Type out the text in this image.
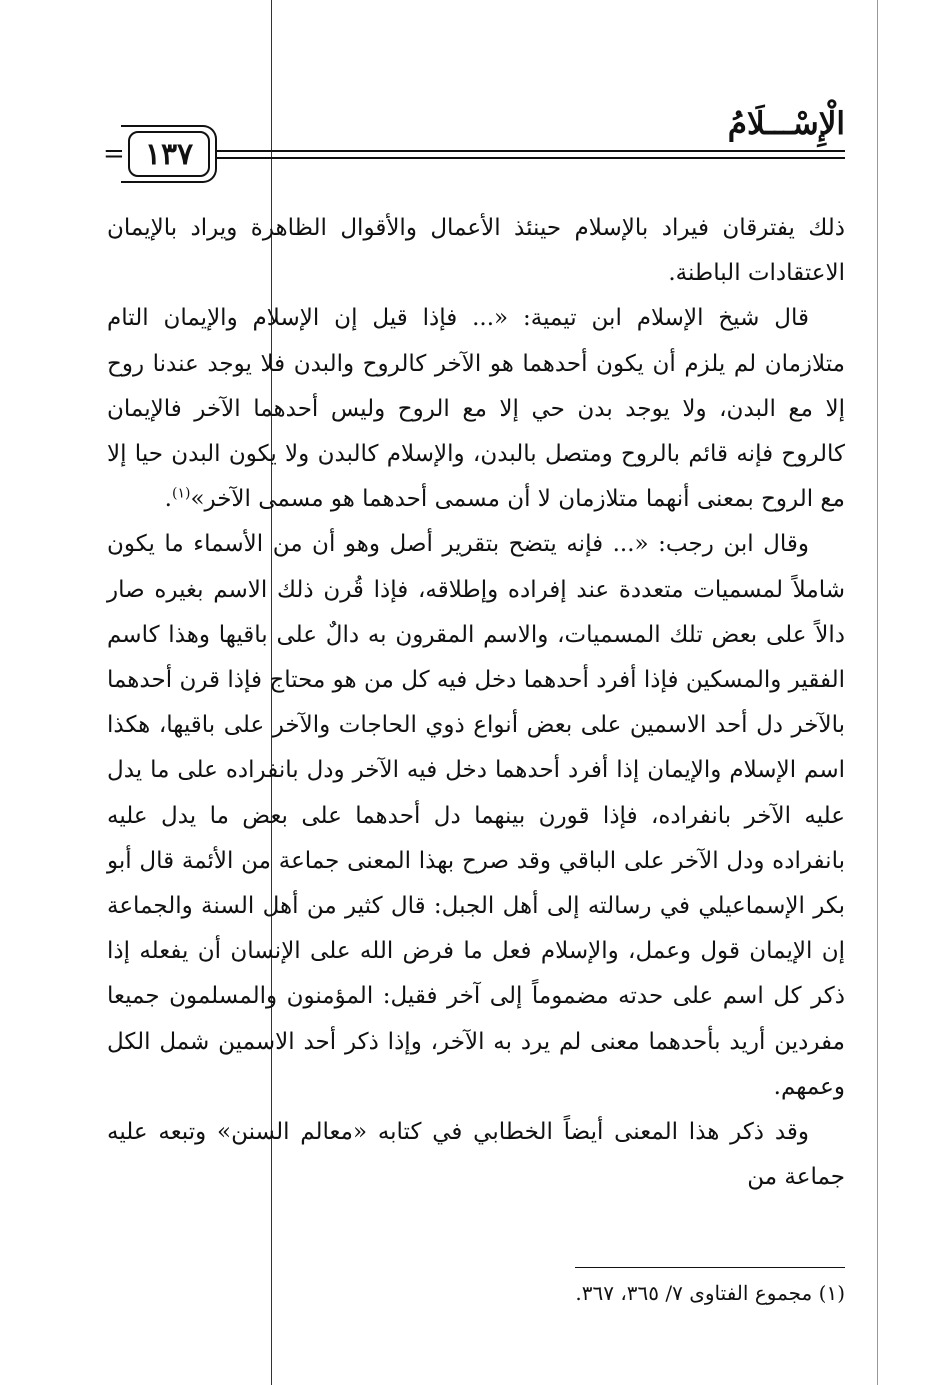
الْإِسْـــلَامُ
١٣٧
=

ذلك يفترقان فيراد بالإسلام حينئذ الأعمال والأقوال الظاهرة ويراد بالإيمان الاعتقادات الباطنة.

قال شيخ الإسلام ابن تيمية: «... فإذا قيل إن الإسلام والإيمان التام متلازمان لم يلزم أن يكون أحدهما هو الآخر كالروح والبدن فلا يوجد عندنا روح إلا مع البدن، ولا يوجد بدن حي إلا مع الروح وليس أحدهما الآخر فالإيمان كالروح فإنه قائم بالروح ومتصل بالبدن، والإسلام كالبدن ولا يكون البدن حيا إلا مع الروح بمعنى أنهما متلازمان لا أن مسمى أحدهما هو مسمى الآخر»$^{(١)}$.

وقال ابن رجب: «... فإنه يتضح بتقرير أصل وهو أن من الأسماء ما يكون شاملاً لمسميات متعددة عند إفراده وإطلاقه، فإذا قُرن ذلك الاسم بغيره صار دالاً على بعض تلك المسميات، والاسم المقرون به دالٌ على باقيها وهذا كاسم الفقير والمسكين فإذا أفرد أحدهما دخل فيه كل من هو محتاج فإذا قرن أحدهما بالآخر دل أحد الاسمين على بعض أنواع ذوي الحاجات والآخر على باقيها، هكذا اسم الإسلام والإيمان إذا أفرد أحدهما دخل فيه الآخر ودل بانفراده على ما يدل عليه الآخر بانفراده، فإذا قورن بينهما دل أحدهما على بعض ما يدل عليه بانفراده ودل الآخر على الباقي وقد صرح بهذا المعنى جماعة من الأئمة قال أبو بكر الإسماعيلي في رسالته إلى أهل الجبل: قال كثير من أهل السنة والجماعة إن الإيمان قول وعمل، والإسلام فعل ما فرض الله على الإنسان أن يفعله إذا ذكر كل اسم على حدته مضموماً إلى آخر فقيل: المؤمنون والمسلمون جميعا مفردين أريد بأحدهما معنى لم يرد به الآخر، وإذا ذكر أحد الاسمين شمل الكل وعمهم.

وقد ذكر هذا المعنى أيضاً الخطابي في كتابه «معالم السنن» وتبعه عليه جماعة من

(١) مجموع الفتاوى ٧/ ٣٦٥، ٣٦٧.
